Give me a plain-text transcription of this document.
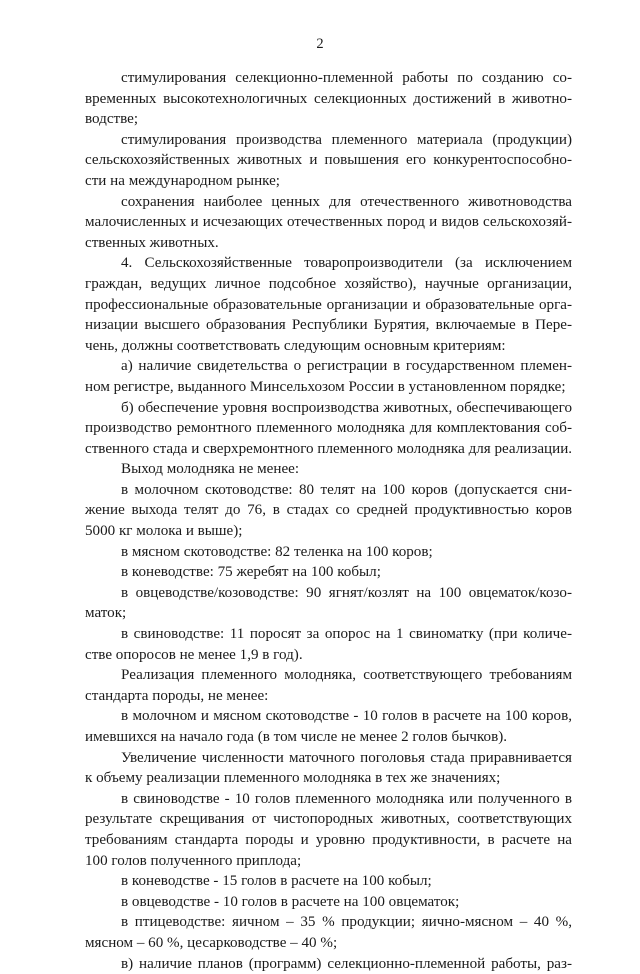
2
стимулирования селекционно-племенной работы по созданию со-
временных высокотехнологичных селекционных достижений в животно-
водстве;
стимулирования производства племенного материала (продукции)
сельскохозяйственных животных и повышения его конкурентоспособно-
сти на международном рынке;
сохранения наиболее ценных для отечественного животноводства
малочисленных и исчезающих отечественных пород и видов сельскохозяй-
ственных животных.
4. Сельскохозяйственные товаропроизводители (за исключением
граждан, ведущих личное подсобное хозяйство), научные организации,
профессиональные образовательные организации и образовательные орга-
низации высшего образования Республики Бурятия, включаемые в Пере-
чень, должны соответствовать следующим основным критериям:
а) наличие свидетельства о регистрации в государственном племен-
ном регистре, выданного Минсельхозом России в установленном порядке;
б) обеспечение уровня воспроизводства животных, обеспечивающего
производство ремонтного племенного молодняка для комплектования соб-
ственного стада и сверхремонтного племенного молодняка для реализации.
Выход молодняка не менее:
в молочном скотоводстве: 80 телят на 100 коров (допускается сни-
жение выхода телят до 76, в стадах со средней продуктивностью коров
5000 кг молока и выше);
в мясном скотоводстве: 82 теленка на 100 коров;
в коневодстве: 75 жеребят на 100 кобыл;
в овцеводстве/козоводстве: 90 ягнят/козлят на 100 овцематок/козо-
маток;
в свиноводстве: 11 поросят за опорос на 1 свиноматку (при количе-
стве опоросов не менее 1,9 в год).
Реализация племенного молодняка, соответствующего требованиям
стандарта породы, не менее:
в молочном и мясном скотоводстве - 10 голов в расчете на 100 коров,
имевшихся на начало года (в том числе не менее 2 голов бычков).
Увеличение численности маточного поголовья стада приравнивается
к объему реализации племенного молодняка в тех же значениях;
в свиноводстве - 10 голов племенного молодняка или полученного в
результате скрещивания от чистопородных животных, соответствующих
требованиям стандарта породы и уровню продуктивности, в расчете на
100 голов полученного приплода;
в коневодстве - 15 голов в расчете на 100 кобыл;
в овцеводстве - 10 голов в расчете на 100 овцематок;
в птицеводстве: яичном – 35 % продукции; яично-мясном – 40 %,
мясном – 60 %, цесарководстве – 40 %;
в) наличие планов (программ) селекционно-племенной работы, раз-
